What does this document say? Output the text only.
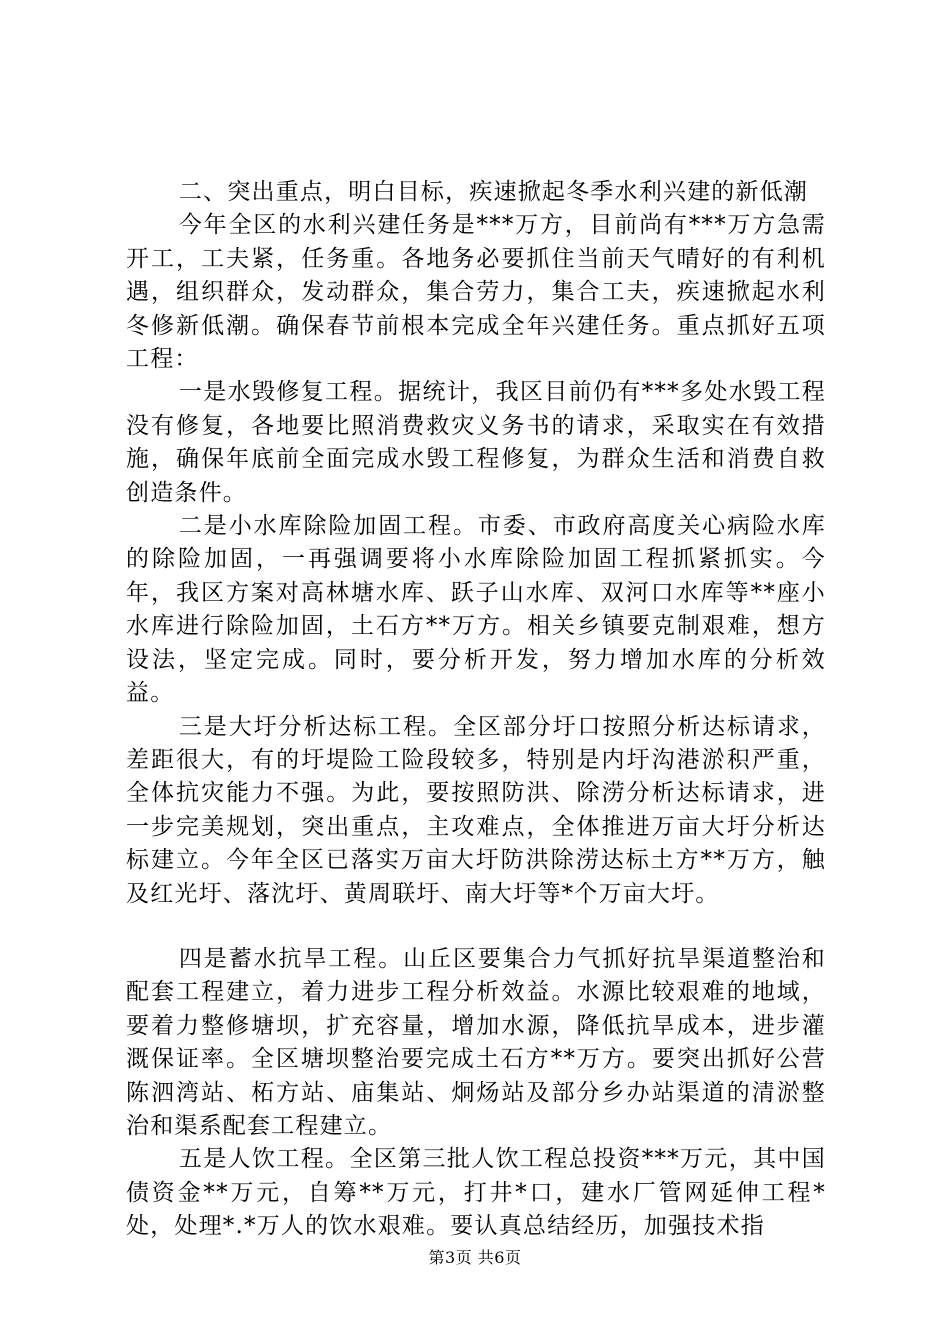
二、突出重点，明白目标，疾速掀起冬季水利兴建的新低潮

今年全区的水利兴建任务是***万方，目前尚有***万方急需开工，工夫紧，任务重。各地务必要抓住当前天气晴好的有利机遇，组织群众，发动群众，集合劳力，集合工夫，疾速掀起水利冬修新低潮。确保春节前根本完成全年兴建任务。重点抓好五项工程：

一是水毁修复工程。据统计，我区目前仍有***多处水毁工程没有修复，各地要比照消费救灾义务书的请求，采取实在有效措施，确保年底前全面完成水毁工程修复，为群众生活和消费自救创造条件。

二是小水库除险加固工程。市委、市政府高度关心病险水库的除险加固，一再强调要将小水库除险加固工程抓紧抓实。今年，我区方案对高林塘水库、跃子山水库、双河口水库等**座小水库进行除险加固，土石方**万方。相关乡镇要克制艰难，想方设法，坚定完成。同时，要分析开发，努力增加水库的分析效益。

三是大圩分析达标工程。全区部分圩口按照分析达标请求，差距很大，有的圩堤险工险段较多，特别是内圩沟港淤积严重，全体抗灾能力不强。为此，要按照防洪、除涝分析达标请求，进一步完美规划，突出重点，主攻难点，全体推进万亩大圩分析达标建立。今年全区已落实万亩大圩防洪除涝达标土方**万方，触及红光圩、落沈圩、黄周联圩、南大圩等*个万亩大圩。

四是蓄水抗旱工程。山丘区要集合力气抓好抗旱渠道整治和配套工程建立，着力进步工程分析效益。水源比较艰难的地域，要着力整修塘坝，扩充容量，增加水源，降低抗旱成本，进步灌溉保证率。全区塘坝整治要完成土石方**万方。要突出抓好公营陈泗湾站、柘方站、庙集站、炯炀站及部分乡办站渠道的清淤整治和渠系配套工程建立。

五是人饮工程。全区第三批人饮工程总投资***万元，其中国债资金**万元，自筹**万元，打井*口，建水厂管网延伸工程*处，处理*.*万人的饮水艰难。要认真总结经历，加强技术指

第3页 共6页
